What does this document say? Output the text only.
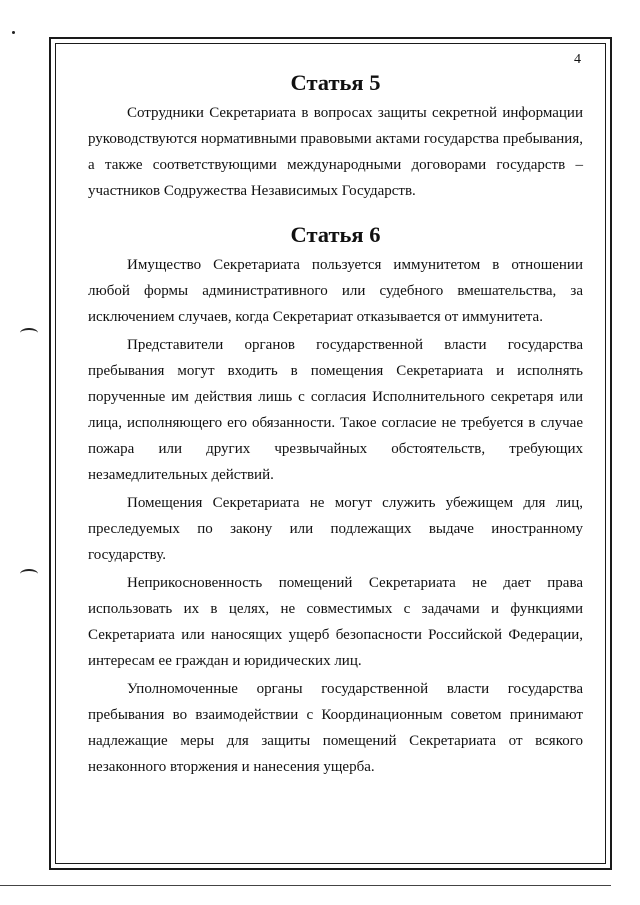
4
Статья 5

Сотрудники Секретариата в вопросах защиты секретной информации руководствуются нормативными правовыми актами государства пребывания, а также соответствующими международными договорами государств – участников Содружества Независимых Государств.

Статья 6

Имущество Секретариата пользуется иммунитетом в отношении любой формы административного или судебного вмешательства, за исключением случаев, когда Секретариат отказывается от иммунитета.

Представители органов государственной власти государства пребывания могут входить в помещения Секретариата и исполнять порученные им действия лишь с согласия Исполнительного секретаря или лица, исполняющего его обязанности. Такое согласие не требуется в случае пожара или других чрезвычайных обстоятельств, требующих незамедлительных действий.

Помещения Секретариата не могут служить убежищем для лиц, преследуемых по закону или подлежащих выдаче иностранному государству.

Неприкосновенность помещений Секретариата не дает права использовать их в целях, не совместимых с задачами и функциями Секретариата или наносящих ущерб безопасности Российской Федерации, интересам ее граждан и юридических лиц.

Уполномоченные органы государственной власти государства пребывания во взаимодействии с Координационным советом принимают надлежащие меры для защиты помещений Секретариата от всякого незаконного вторжения и нанесения ущерба.
